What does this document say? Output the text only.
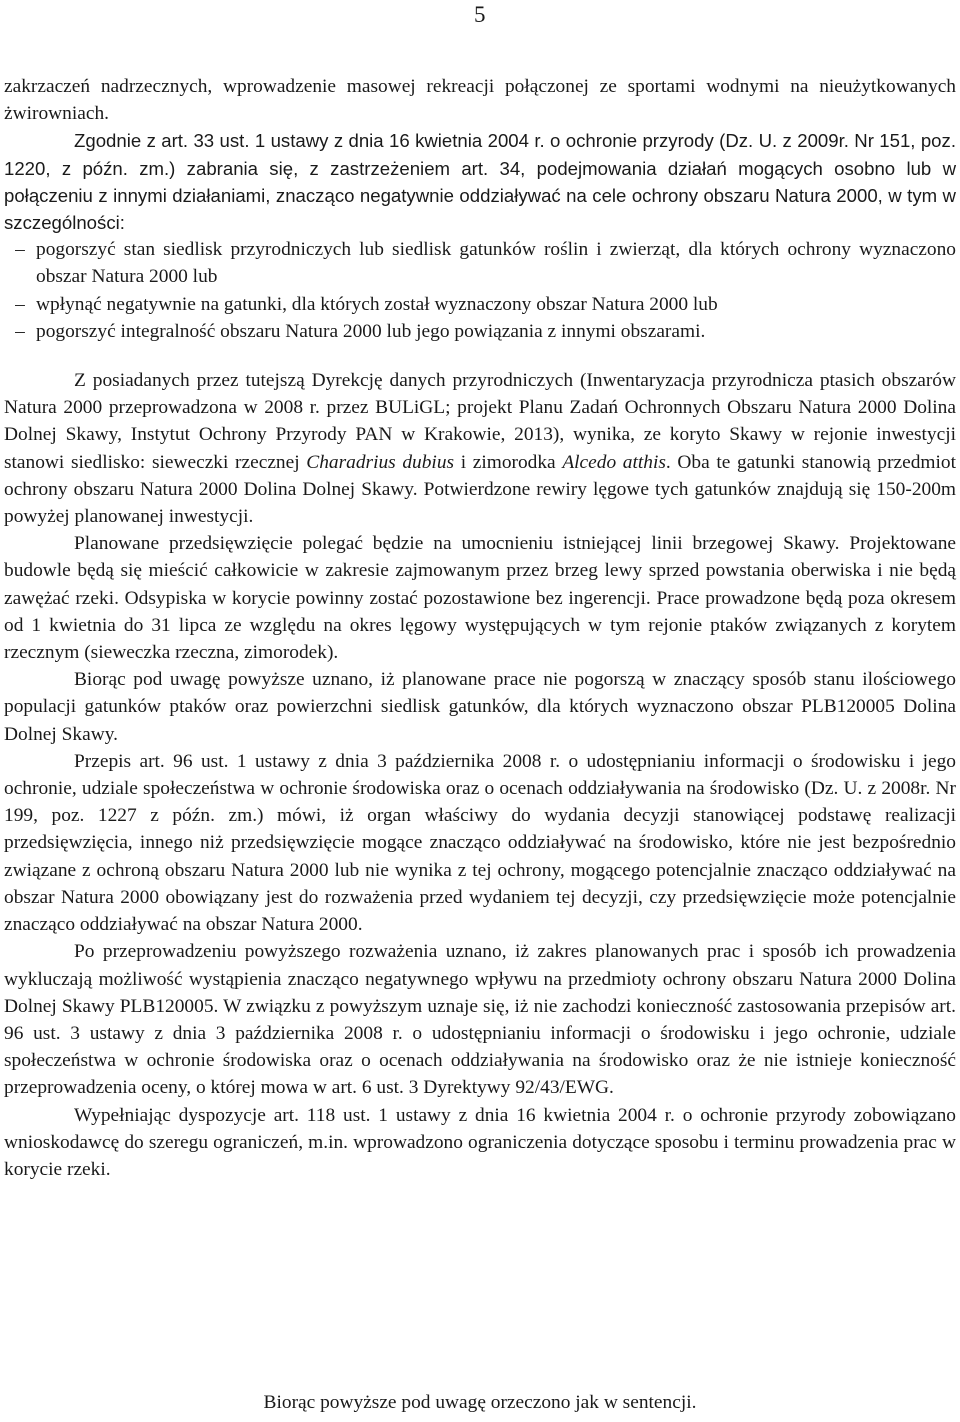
5

zakrzaczeń nadrzecznych, wprowadzenie masowej rekreacji połączonej ze sportami wodnymi na nieużytkowanych żwirowniach.

Zgodnie z art. 33 ust. 1 ustawy z dnia 16 kwietnia 2004 r. o ochronie przyrody (Dz. U. z 2009r. Nr 151, poz. 1220, z późn. zm.) zabrania się, z zastrzeżeniem art. 34, podejmowania działań mogących osobno lub w połączeniu z innymi działaniami, znacząco negatywnie oddziaływać na cele ochrony obszaru Natura 2000, w tym w szczególności:

– pogorszyć stan siedlisk przyrodniczych lub siedlisk gatunków roślin i zwierząt, dla których ochrony wyznaczono obszar Natura 2000 lub
– wpłynąć negatywnie na gatunki, dla których został wyznaczony obszar Natura 2000 lub
– pogorszyć integralność obszaru Natura 2000 lub jego powiązania z innymi obszarami.

Z posiadanych przez tutejszą Dyrekcję danych przyrodniczych (Inwentaryzacja przyrodnicza ptasich obszarów Natura 2000 przeprowadzona w 2008 r. przez BULiGL; projekt Planu Zadań Ochronnych Obszaru Natura 2000 Dolina Dolnej Skawy, Instytut Ochrony Przyrody PAN w Krakowie, 2013), wynika, ze koryto Skawy w rejonie inwestycji stanowi siedlisko: sieweczki rzecznej Charadrius dubius i zimorodka Alcedo atthis. Oba te gatunki stanowią przedmiot ochrony obszaru Natura 2000 Dolina Dolnej Skawy. Potwierdzone rewiry lęgowe tych gatunków znajdują się 150-200m powyżej planowanej inwestycji.

Planowane przedsięwzięcie polegać będzie na umocnieniu istniejącej linii brzegowej Skawy. Projektowane budowle będą się mieścić całkowicie w zakresie zajmowanym przez brzeg lewy sprzed powstania oberwiska i nie będą zawężać rzeki. Odsypiska w korycie powinny zostać pozostawione bez ingerencji. Prace prowadzone będą poza okresem od 1 kwietnia do 31 lipca ze względu na okres lęgowy występujących w tym rejonie ptaków związanych z korytem rzecznym (sieweczka rzeczna, zimorodek).

Biorąc pod uwagę powyższe uznano, iż planowane prace nie pogorszą w znaczący sposób stanu ilościowego populacji gatunków ptaków oraz powierzchni siedlisk gatunków, dla których wyznaczono obszar PLB120005 Dolina Dolnej Skawy.

Przepis art. 96 ust. 1 ustawy z dnia 3 października 2008 r. o udostępnianiu informacji o środowisku i jego ochronie, udziale społeczeństwa w ochronie środowiska oraz o ocenach oddziaływania na środowisko (Dz. U. z 2008r. Nr 199, poz. 1227 z późn. zm.) mówi, iż organ właściwy do wydania decyzji stanowiącej podstawę realizacji przedsięwzięcia, innego niż przedsięwzięcie mogące znacząco oddziaływać na środowisko, które nie jest bezpośrednio związane z ochroną obszaru Natura 2000 lub nie wynika z tej ochrony, mogącego potencjalnie znacząco oddziaływać na obszar Natura 2000 obowiązany jest do rozważenia przed wydaniem tej decyzji, czy przedsięwzięcie może potencjalnie znacząco oddziaływać na obszar Natura 2000.

Po przeprowadzeniu powyższego rozważenia uznano, iż zakres planowanych prac i sposób ich prowadzenia wykluczają możliwość wystąpienia znacząco negatywnego wpływu na przedmioty ochrony obszaru Natura 2000 Dolina Dolnej Skawy PLB120005. W związku z powyższym uznaje się, iż nie zachodzi konieczność zastosowania przepisów art. 96 ust. 3 ustawy z dnia 3 października 2008 r. o udostępnianiu informacji o środowisku i jego ochronie, udziale społeczeństwa w ochronie środowiska oraz o ocenach oddziaływania na środowisko oraz że nie istnieje konieczność przeprowadzenia oceny, o której mowa w art. 6 ust. 3 Dyrektywy 92/43/EWG.

Wypełniając dyspozycje art. 118 ust. 1 ustawy z dnia 16 kwietnia 2004 r. o ochronie przyrody zobowiązano wnioskodawcę do szeregu ograniczeń, m.in. wprowadzono ograniczenia dotyczące sposobu i terminu prowadzenia prac w korycie rzeki.

Biorąc powyższe pod uwagę orzeczono jak w sentencji.
